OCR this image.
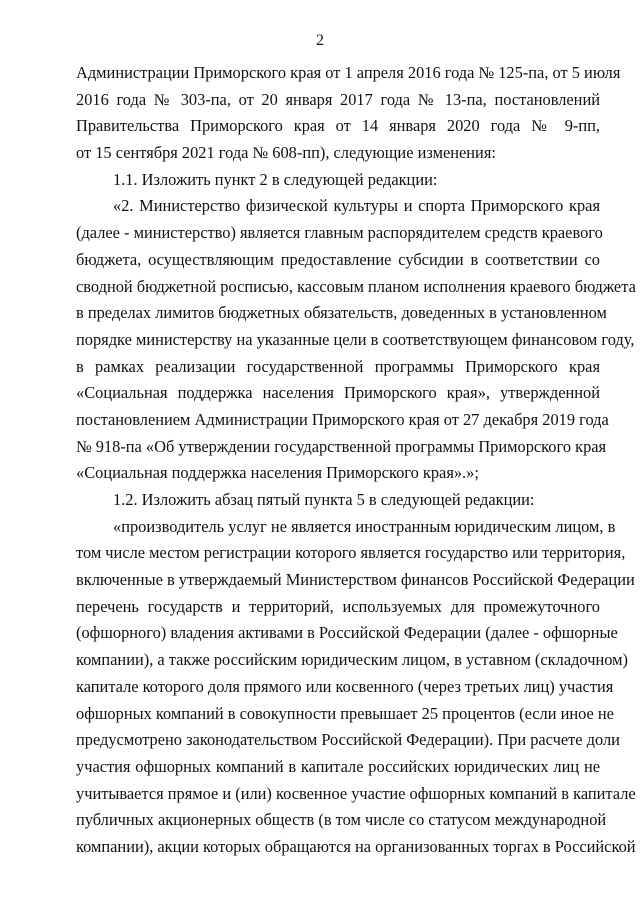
2
Администрации Приморского края от 1 апреля 2016 года № 125-па, от 5 июля
2016 года № 303-па, от 20 января 2017 года № 13-па, постановлений
Правительства Приморского края от 14 января 2020 года № 9-пп,
от 15 сентября 2021 года № 608-пп), следующие изменения:
1.1. Изложить пункт 2 в следующей редакции:
«2. Министерство физической культуры и спорта Приморского края
(далее - министерство) является главным распорядителем средств краевого
бюджета, осуществляющим предоставление субсидии в соответствии со
сводной бюджетной росписью, кассовым планом исполнения краевого бюджета
в пределах лимитов бюджетных обязательств, доведенных в установленном
порядке министерству на указанные цели в соответствующем финансовом году,
в рамках реализации государственной программы Приморского края
«Социальная поддержка населения Приморского края», утвержденной
постановлением Администрации Приморского края от 27 декабря 2019 года
№ 918-па «Об утверждении государственной программы Приморского края
«Социальная поддержка населения Приморского края».»;
1.2. Изложить абзац пятый пункта 5 в следующей редакции:
«производитель услуг не является иностранным юридическим лицом, в
том числе местом регистрации которого является государство или территория,
включенные в утверждаемый Министерством финансов Российской Федерации
перечень государств и территорий, используемых для промежуточного
(офшорного) владения активами в Российской Федерации (далее - офшорные
компании), а также российским юридическим лицом, в уставном (складочном)
капитале которого доля прямого или косвенного (через третьих лиц) участия
офшорных компаний в совокупности превышает 25 процентов (если иное не
предусмотрено законодательством Российской Федерации). При расчете доли
участия офшорных компаний в капитале российских юридических лиц не
учитывается прямое и (или) косвенное участие офшорных компаний в капитале
публичных акционерных обществ (в том числе со статусом международной
компании), акции которых обращаются на организованных торгах в Российской
